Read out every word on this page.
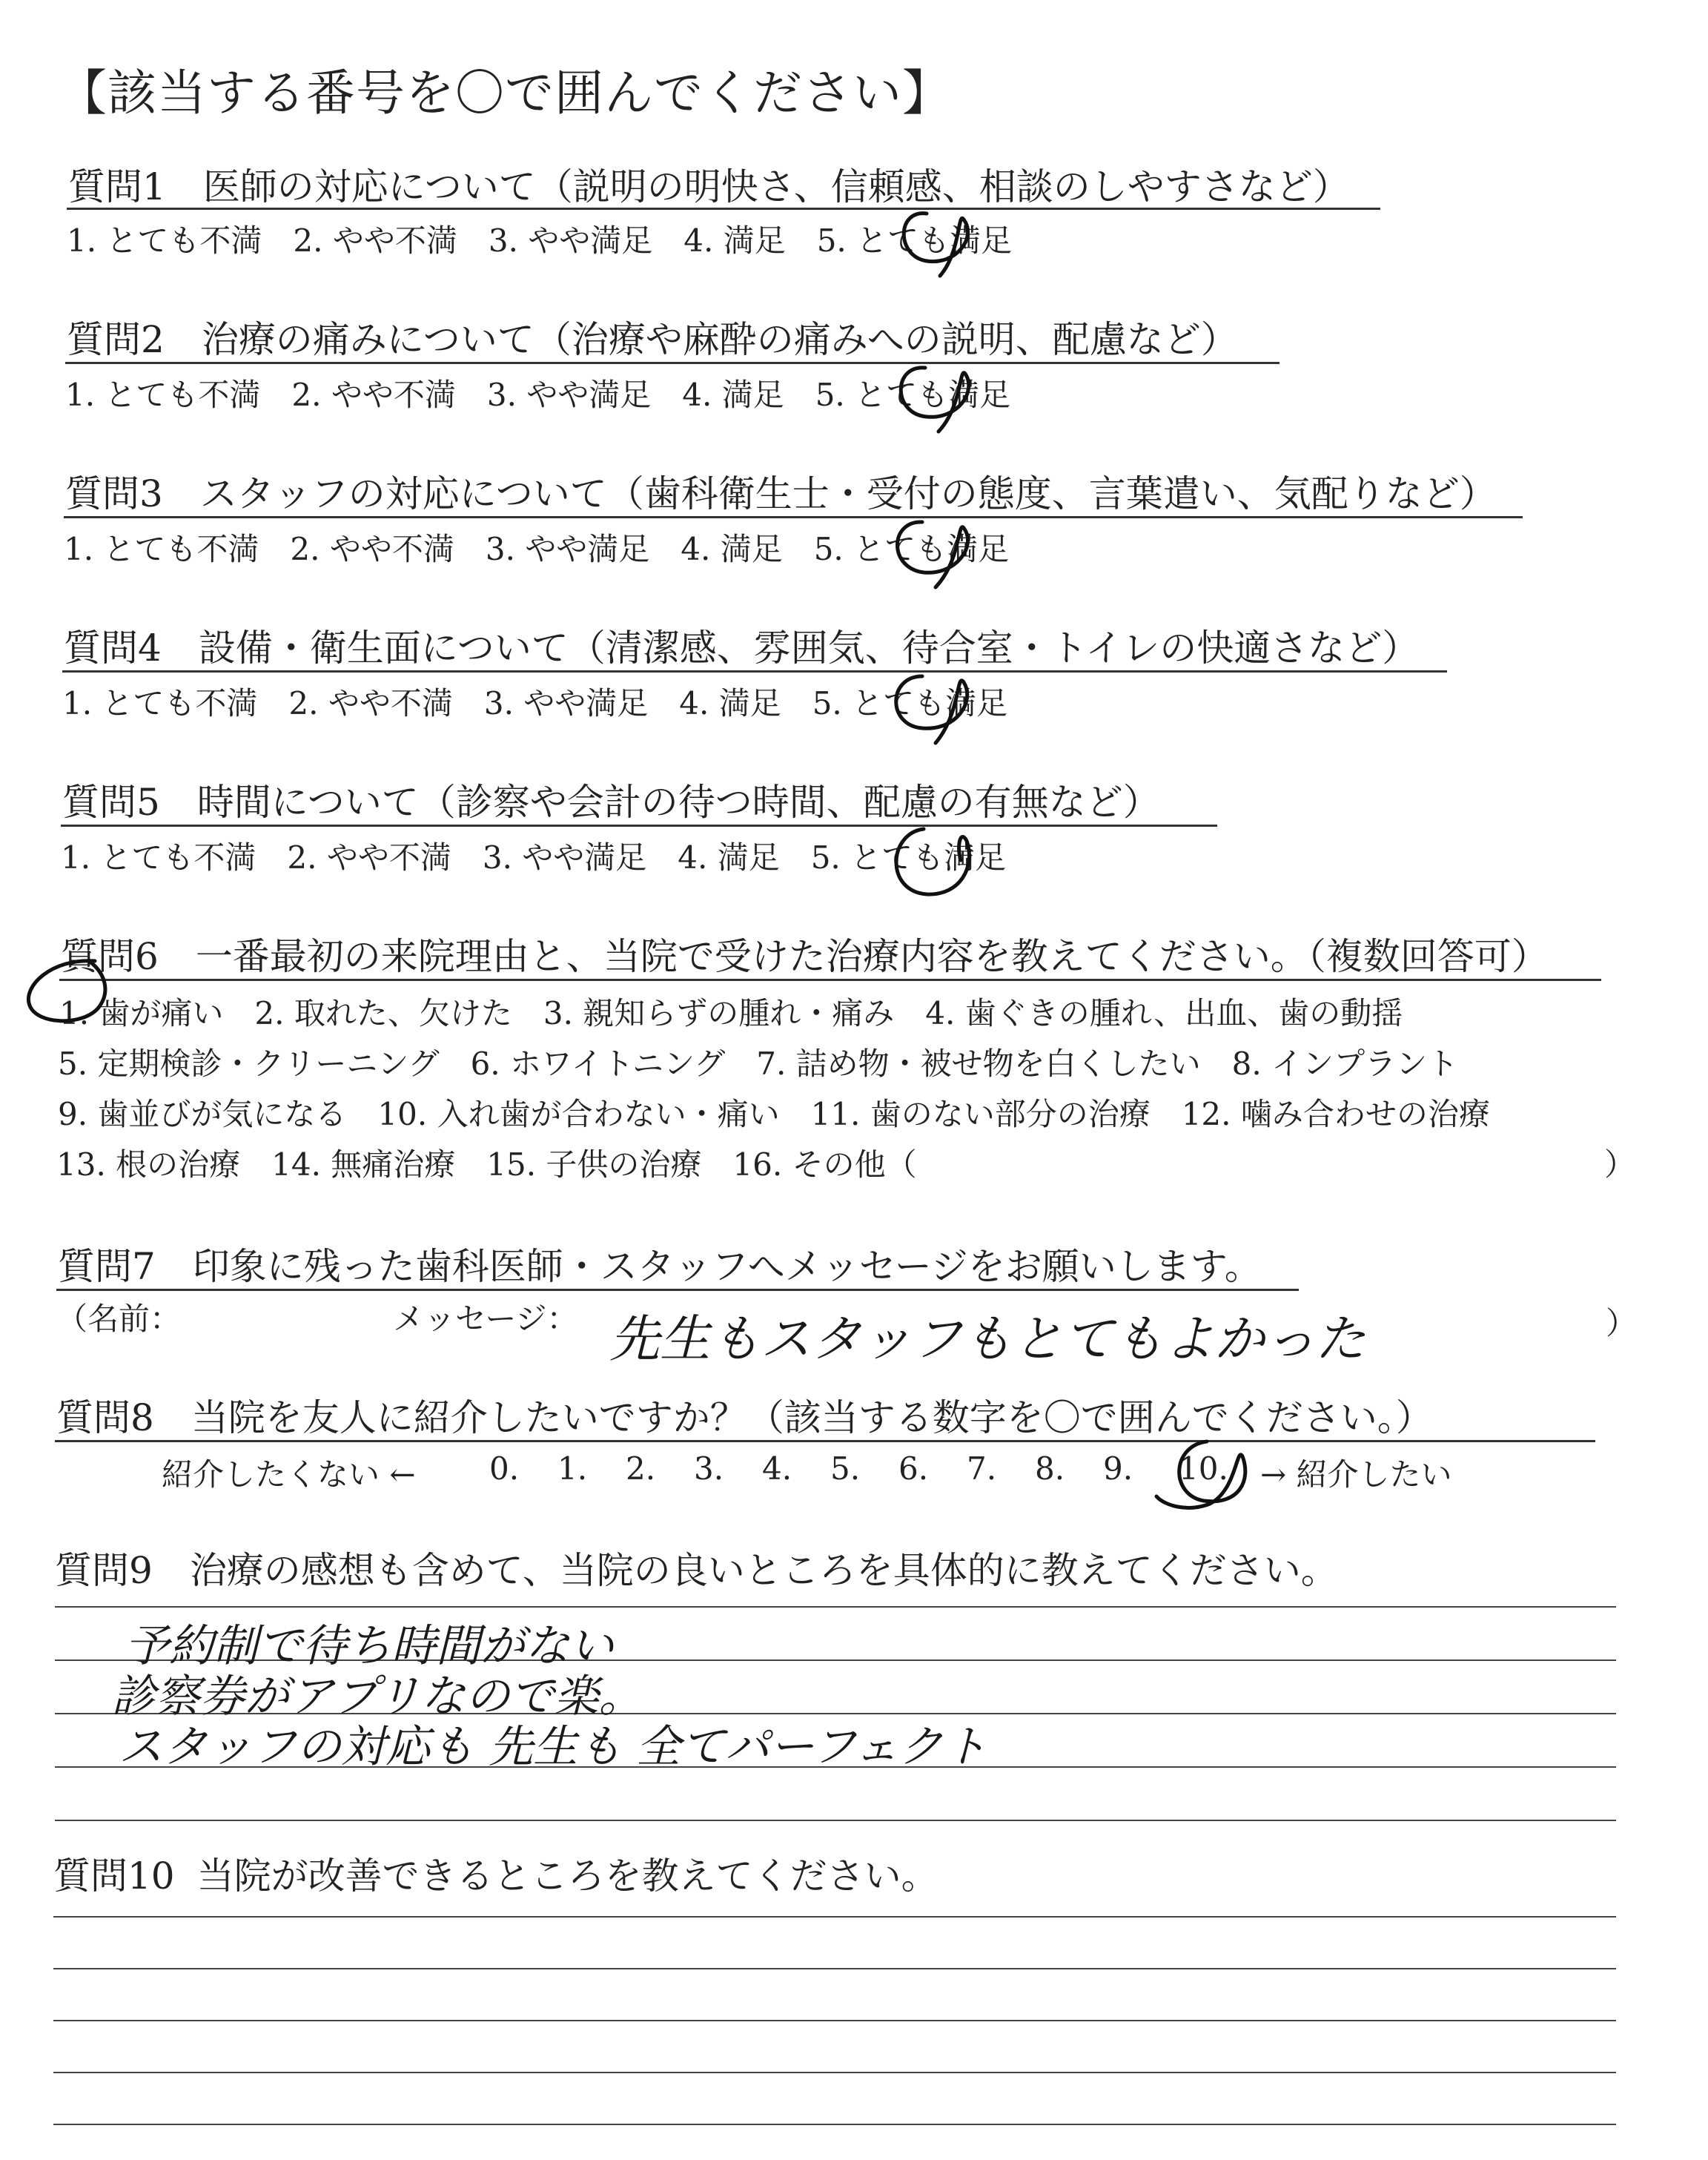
【該当する番号を〇で囲んでください】
質問1 医師の対応について（説明の明快さ、信頼感、相談のしやすさなど）
1. とても不満　2. やや不満　3. やや満足　4. 満足　5. とても満足
質問2 治療の痛みについて（治療や麻酔の痛みへの説明、配慮など）
1. とても不満　2. やや不満　3. やや満足　4. 満足　5. とても満足
質問3 スタッフの対応について（歯科衛生士・受付の態度、言葉遣い、気配りなど）
1. とても不満　2. やや不満　3. やや満足　4. 満足　5. とても満足
質問4 設備・衛生面について（清潔感、雰囲気、待合室・トイレの快適さなど）
1. とても不満　2. やや不満　3. やや満足　4. 満足　5. とても満足
質問5 時間について（診察や会計の待つ時間、配慮の有無など）
1. とても不満　2. やや不満　3. やや満足　4. 満足　5. とても満足
質問6 一番最初の来院理由と、当院で受けた治療内容を教えてください。（複数回答可）
1. 歯が痛い　2. 取れた、欠けた　3. 親知らずの腫れ・痛み　4. 歯ぐきの腫れ、出血、歯の動揺
5. 定期検診・クリーニング　6. ホワイトニング　7. 詰め物・被せ物を白くしたい　8. インプラント
9. 歯並びが気になる　10. 入れ歯が合わない・痛い　11. 歯のない部分の治療　12. 噛み合わせの治療
13. 根の治療　14. 無痛治療　15. 子供の治療　16. その他（	）
質問7 印象に残った歯科医師・スタッフへメッセージをお願いします。
（名前：	メッセージ：	）
先生もスタッフもとてもよかった
質問8 当院を友人に紹介したいですか？（該当する数字を〇で囲んでください。）
紹介したくない ← 0. 1. 2. 3. 4. 5. 6. 7. 8. 9. 10. → 紹介したい
質問9 治療の感想も含めて、当院の良いところを具体的に教えてください。
予約制で待ち時間がない
診察券がアプリなので楽。
スタッフの対応も 先生も 全てパーフェクト
質問10 当院が改善できるところを教えてください。
